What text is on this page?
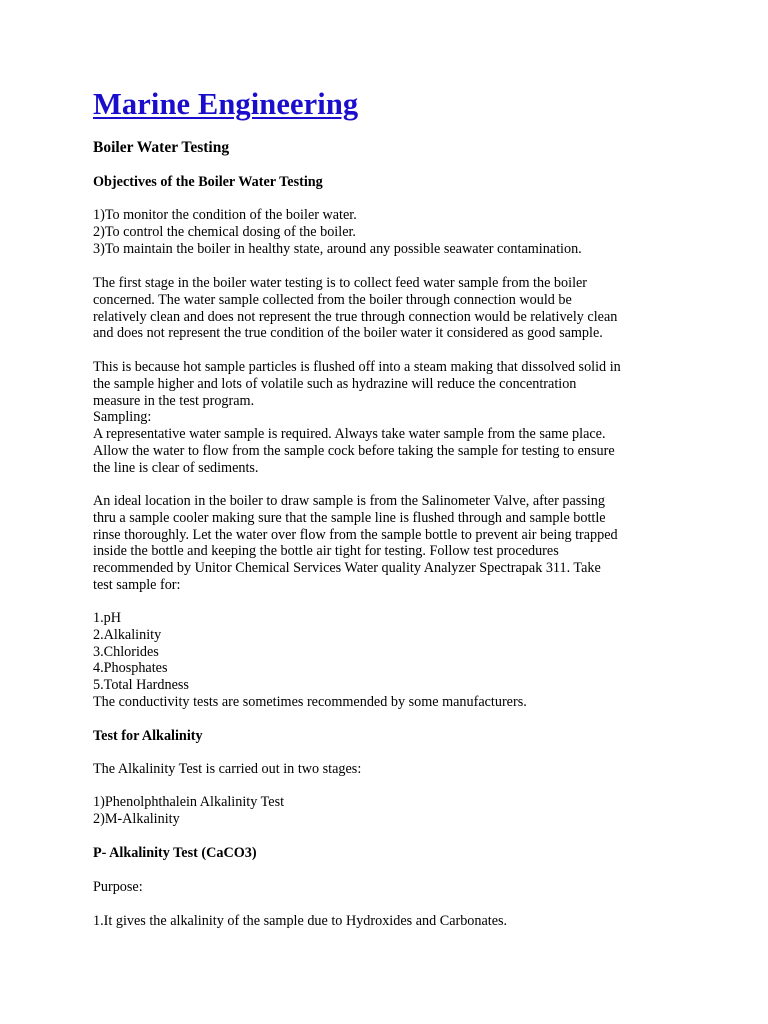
Marine Engineering
Boiler Water Testing
Objectives of the Boiler Water Testing
1)To monitor the condition of the boiler water.
2)To control the chemical dosing of the boiler.
3)To maintain the boiler in healthy state, around any possible seawater contamination.
The first stage in the boiler water testing is to collect feed water sample from the boiler
concerned. The water sample collected from the boiler through connection would be
relatively clean and does not represent the true through connection would be relatively clean
and does not represent the true condition of the boiler water it considered as good sample.
This is because hot sample particles is flushed off into a steam making that dissolved solid in
the sample higher and lots of volatile such as hydrazine will reduce the concentration
measure in the test program.
Sampling:
A representative water sample is required. Always take water sample from the same place.
Allow the water to flow from the sample cock before taking the sample for testing to ensure
the line is clear of sediments.
An ideal location in the boiler to draw sample is from the Salinometer Valve, after passing
thru a sample cooler making sure that the sample line is flushed through and sample bottle
rinse thoroughly. Let the water over flow from the sample bottle to prevent air being trapped
inside the bottle and keeping the bottle air tight for testing. Follow test procedures
recommended by Unitor Chemical Services Water quality Analyzer Spectrapak 311. Take
test sample for:
1.pH
2.Alkalinity
3.Chlorides
4.Phosphates
5.Total Hardness
The conductivity tests are sometimes recommended by some manufacturers.
Test for Alkalinity
The Alkalinity Test is carried out in two stages:
1)Phenolphthalein Alkalinity Test
2)M-Alkalinity
P- Alkalinity Test (CaCO3)
Purpose:
1.It gives the alkalinity of the sample due to Hydroxides and Carbonates.
